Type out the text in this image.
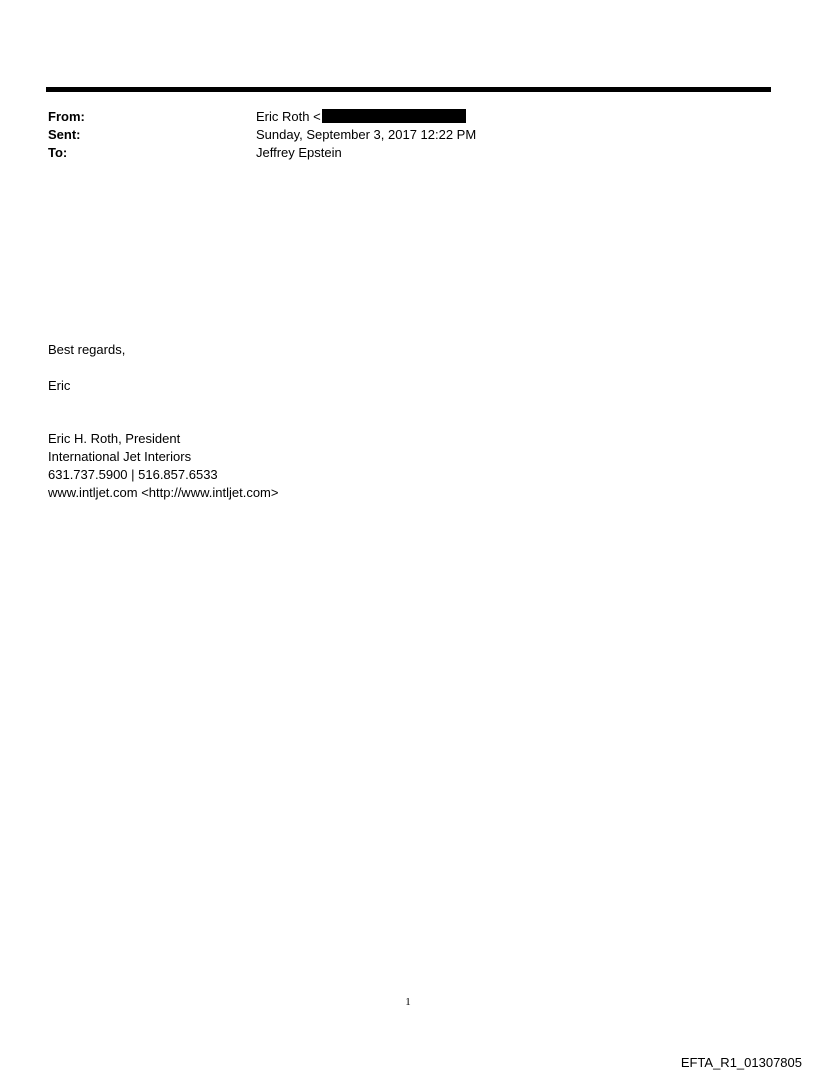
From:	Eric Roth <
Sent:	Sunday, September 3, 2017 12:22 PM
To:	Jeffrey Epstein
Best regards,
Eric
Eric H. Roth, President
International Jet Interiors
631.737.5900 | 516.857.6533
www.intljet.com <http://www.intljet.com>
1
EFTA_R1_01307805
